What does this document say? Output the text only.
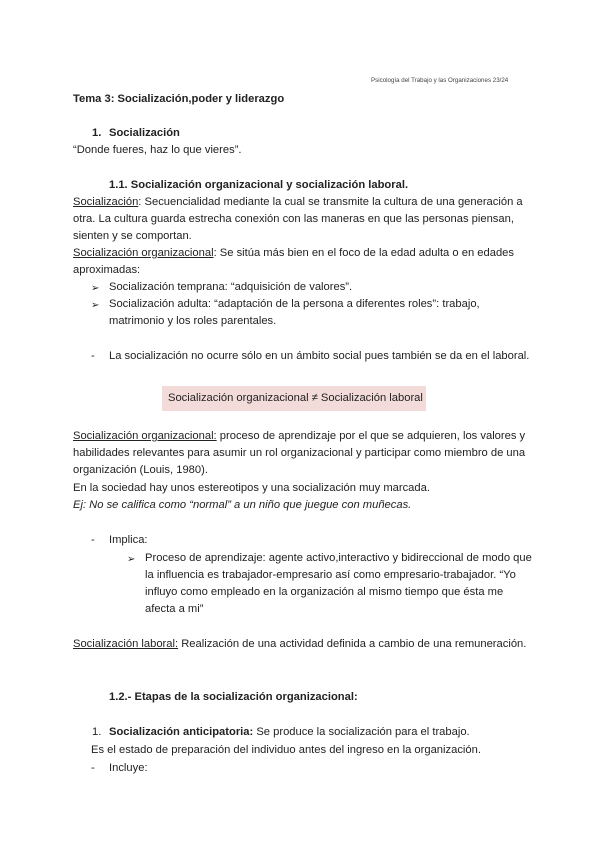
Psicología del Trabajo y las Organizaciones 23/24
Tema 3: Socialización,poder y liderazgo
1. Socialización
“Donde fueres, haz lo que vieres”.
1.1. Socialización organizacional y socialización laboral.
Socialización: Secuencialidad mediante la cual se transmite la cultura de una generación a
otra. La cultura guarda estrecha conexión con las maneras en que las personas piensan,
sienten y se comportan.
Socialización organizacional: Se sitúa más bien en el foco de la edad adulta o en edades
aproximadas:
➢ Socialización temprana: “adquisición de valores”.
➢ Socialización adulta: “adaptación de la persona a diferentes roles”: trabajo,
matrimonio y los roles parentales.
- La socialización no ocurre sólo en un ámbito social pues también se da en el laboral.
Socialización organizacional ≠ Socialización laboral
Socialización organizacional: proceso de aprendizaje por el que se adquieren, los valores y
habilidades relevantes para asumir un rol organizacional y participar como miembro de una
organización (Louis, 1980).
En la sociedad hay unos estereotipos y una socialización muy marcada.
Ej: No se califica como “normal” a un niño que juegue con muñecas.
- Implica:
➢ Proceso de aprendizaje: agente activo,interactivo y bidireccional de modo que
la influencia es trabajador-empresario así como empresario-trabajador. “Yo
influyo como empleado en la organización al mismo tiempo que ésta me
afecta a mi”
Socialización laboral: Realización de una actividad definida a cambio de una remuneración.
1.2.- Etapas de la socialización organizacional:
1. Socialización anticipatoria: Se produce la socialización para el trabajo.
Es el estado de preparación del individuo antes del ingreso en la organización.
- Incluye:
